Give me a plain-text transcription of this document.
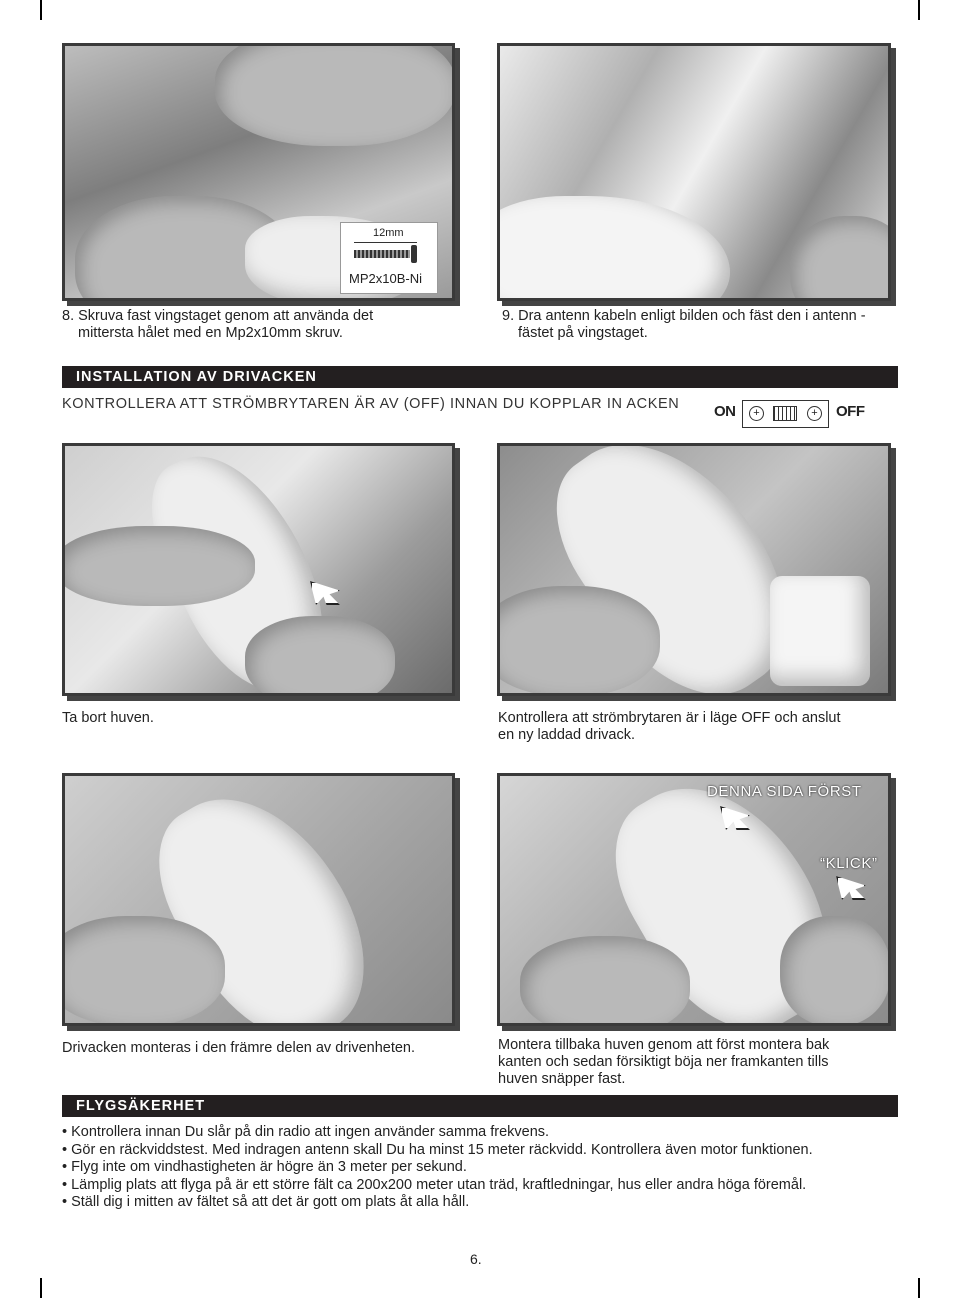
12mm
MP2x10B-Ni
8. Skruva fast vingstaget genom att använda det
mittersta hålet med en Mp2x10mm skruv.
9. Dra antenn kabeln enligt bilden och fäst den i antenn -
fästet på vingstaget.
INSTALLATION AV DRIVACKEN
KONTROLLERA ATT STRÖMBRYTAREN ÄR AV (OFF) INNAN DU KOPPLAR IN ACKEN ON	+	+ OFF
Ta bort huven.	Kontrollera att strömbrytaren är i läge OFF och anslut
en ny laddad drivack.
Drivacken monteras i den främre delen av drivenheten.
DENNA SIDA FÖRST
“KLICK”
Montera tillbaka huven genom att först montera bak
kanten och sedan försiktigt böja ner framkanten tills
huven snäpper fast.
FLYGSÄKERHET
• Kontrollera innan Du slår på din radio att ingen använder samma frekvens.
• Gör en räckviddstest. Med indragen antenn skall Du ha minst 15 meter räckvidd. Kontrollera även motor funktionen.
• Flyg inte om vindhastigheten är högre än 3 meter per sekund.
• Lämplig plats att flyga på är ett större fält ca 200x200 meter utan träd, kraftledningar, hus eller andra höga föremål.
• Ställ dig i mitten av fältet så att det är gott om plats åt alla håll.
6.
